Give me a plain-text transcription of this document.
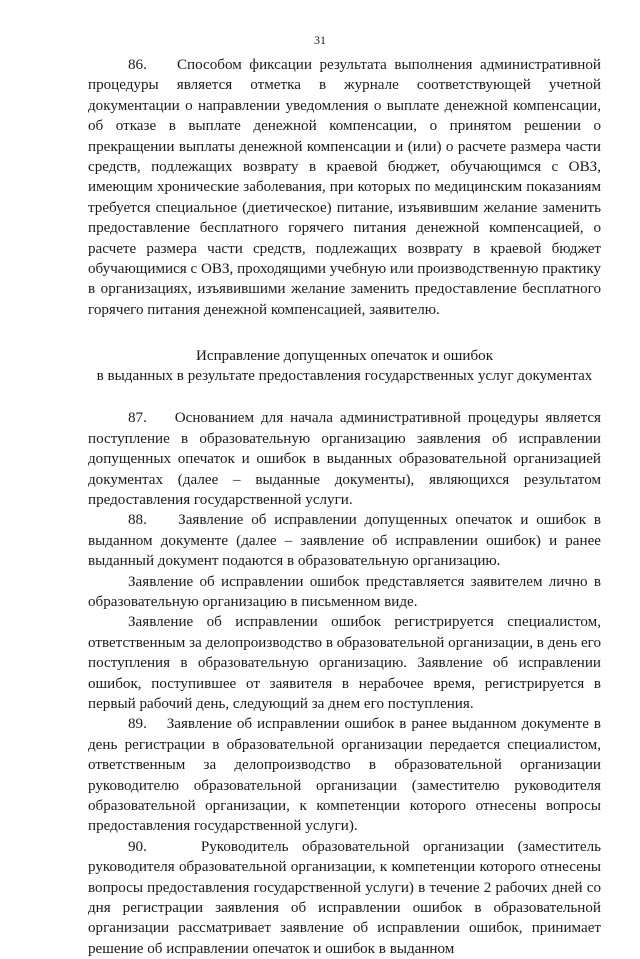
31

86.    Способом фиксации результата выполнения административной процедуры является отметка в журнале соответствующей учетной документации о направлении уведомления о выплате денежной компенсации, об отказе в выплате денежной компенсации, о принятом решении о прекращении выплаты денежной компенсации и (или) о расчете размера части средств, подлежащих возврату в краевой бюджет, обучающимся с ОВЗ, имеющим хронические заболевания, при которых по медицинским показаниям требуется специальное (диетическое) питание, изъявившим желание заменить предоставление бесплатного горячего питания денежной компенсацией, о расчете размера части средств, подлежащих возврату в краевой бюджет обучающимися с ОВЗ, проходящими учебную или производственную практику в организациях, изъявившими желание заменить предоставление бесплатного горячего питания денежной компенсацией, заявителю.

Исправление допущенных опечаток и ошибок

в выданных в результате предоставления государственных услуг документах

87.    Основанием для начала административной процедуры является поступление в образовательную организацию заявления об исправлении допущенных опечаток и ошибок в выданных образовательной организацией документах (далее – выданные документы), являющихся результатом предоставления государственной услуги.

88.    Заявление об исправлении допущенных опечаток и ошибок в выданном документе (далее – заявление об исправлении ошибок) и ранее выданный документ подаются в образовательную организацию.

Заявление об исправлении ошибок представляется заявителем лично в образовательную организацию в письменном виде.

Заявление об исправлении ошибок регистрируется специалистом, ответственным за делопроизводство в образовательной организации, в день его поступления в образовательную организацию. Заявление об исправлении ошибок, поступившее от заявителя в нерабочее время, регистрируется в первый рабочий день, следующий за днем его поступления.

89.    Заявление об исправлении ошибок в ранее выданном документе в день регистрации в образовательной организации передается специалистом, ответственным за делопроизводство в образовательной организации руководителю образовательной организации (заместителю руководителя образовательной организации, к компетенции которого отнесены вопросы предоставления государственной услуги).

90.    Руководитель образовательной организации (заместитель руководителя образовательной организации, к компетенции которого отнесены вопросы предоставления государственной услуги) в течение 2 рабочих дней со дня регистрации заявления об исправлении ошибок в образовательной организации рассматривает заявление об исправлении ошибок, принимает решение об исправлении опечаток и ошибок в выданном
